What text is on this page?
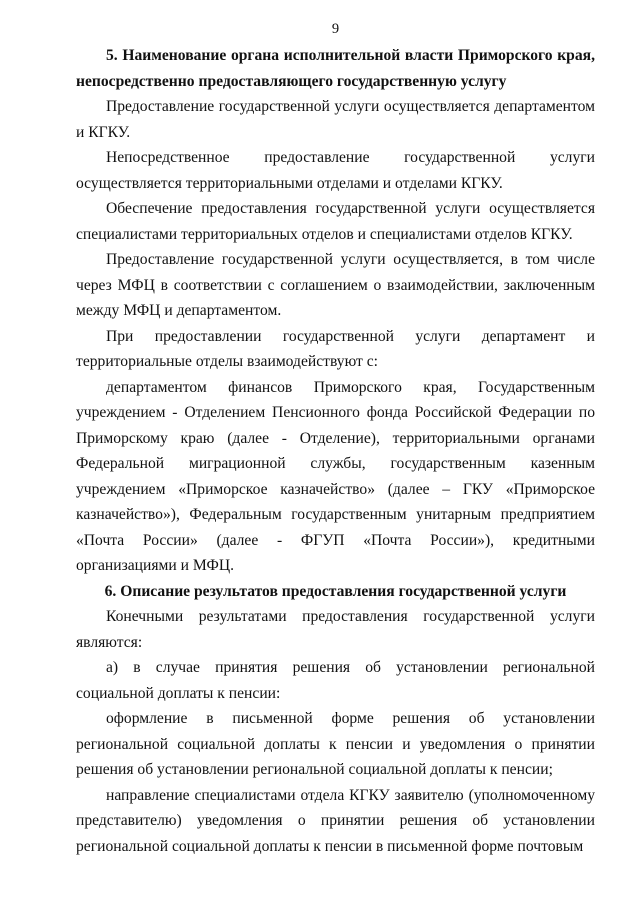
9

5. Наименование органа исполнительной власти Приморского края, непосредственно предоставляющего государственную услугу

Предоставление государственной услуги осуществляется департаментом и КГКУ.

Непосредственное предоставление государственной услуги осуществляется территориальными отделами и отделами КГКУ.

Обеспечение предоставления государственной услуги осуществляется специалистами территориальных отделов и специалистами отделов КГКУ.

Предоставление государственной услуги осуществляется, в том числе через МФЦ в соответствии с соглашением о взаимодействии, заключенным между МФЦ и департаментом.

При предоставлении государственной услуги департамент и территориальные отделы взаимодействуют с:

департаментом финансов Приморского края, Государственным учреждением - Отделением Пенсионного фонда Российской Федерации по Приморскому краю (далее - Отделение), территориальными органами Федеральной миграционной службы, государственным казенным учреждением «Приморское казначейство» (далее – ГКУ «Приморское казначейство»), Федеральным государственным унитарным предприятием «Почта России» (далее - ФГУП «Почта России»), кредитными организациями и МФЦ.

6. Описание результатов предоставления государственной услуги

Конечными результатами предоставления государственной услуги являются:

а) в случае принятия решения об установлении региональной социальной доплаты к пенсии:

оформление в письменной форме решения об установлении региональной социальной доплаты к пенсии и уведомления о принятии решения об установлении региональной социальной доплаты к пенсии;

направление специалистами отдела КГКУ заявителю (уполномоченному представителю) уведомления о принятии решения об установлении региональной социальной доплаты к пенсии в письменной форме почтовым
